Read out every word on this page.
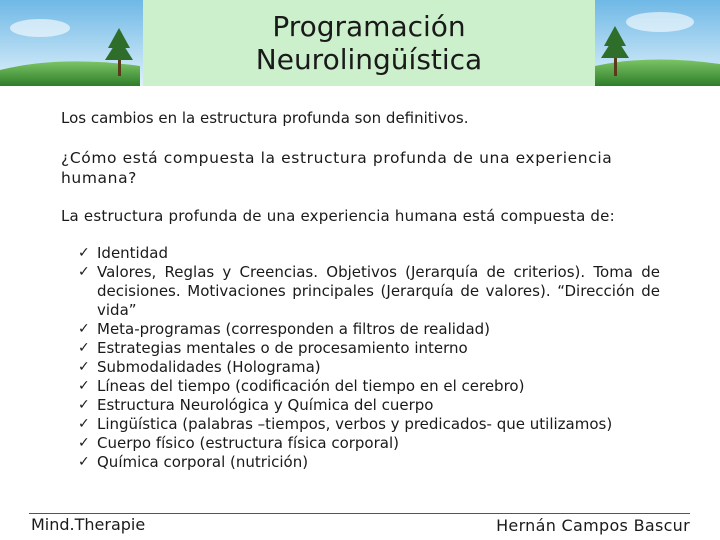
Programación
Neurolingüística

Los cambios en la estructura profunda son definitivos.

¿Cómo está compuesta la estructura profunda de una experiencia humana?

La estructura profunda de una experiencia humana está compuesta de:

✓ Identidad
✓ Valores, Reglas y Creencias. Objetivos (Jerarquía de criterios). Toma de decisiones. Motivaciones principales (Jerarquía de valores). “Dirección de vida”
✓ Meta-programas (corresponden a filtros de realidad)
✓ Estrategias mentales o de procesamiento interno
✓ Submodalidades (Holograma)
✓ Líneas del tiempo (codificación del tiempo en el cerebro)
✓ Estructura Neurológica y Química del cuerpo
✓ Lingüística (palabras –tiempos, verbos y predicados- que utilizamos)
✓ Cuerpo físico (estructura física corporal)
✓ Química corporal (nutrición)
Mind.Therapie	Hernán Campos Bascur
